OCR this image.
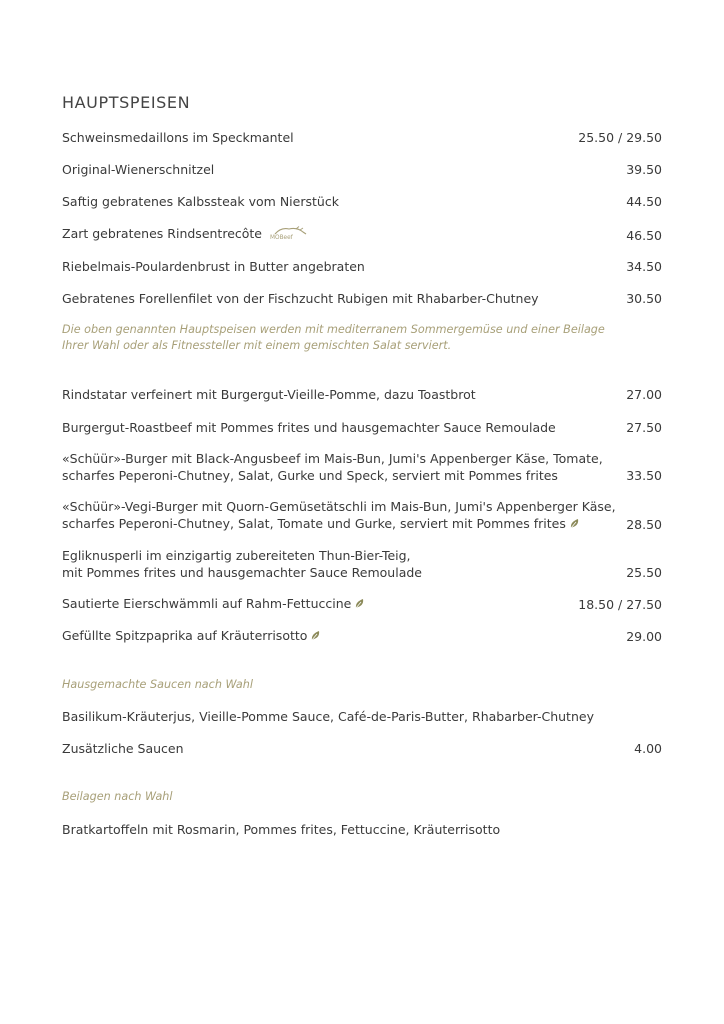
HAUPTSPEISEN
Schweinsmedaillons im Speckmantel	25.50 / 29.50
Original-Wienerschnitzel	39.50
Saftig gebratenes Kalbssteak vom Nierstück	44.50
Zart gebratenes Rindsentrecôte MOBeef	46.50
Riebelmais-Poulardenbrust in Butter angebraten	34.50
Gebratenes Forellenfilet von der Fischzucht Rubigen mit Rhabarber-Chutney	30.50
Die oben genannten Hauptspeisen werden mit mediterranem Sommergemüse und einer Beilage
Ihrer Wahl oder als Fitnessteller mit einem gemischten Salat serviert.
Rindstatar verfeinert mit Burgergut-Vieille-Pomme, dazu Toastbrot	27.00
Burgergut-Roastbeef mit Pommes frites und hausgemachter Sauce Remoulade	27.50
«Schüür»-Burger mit Black-Angusbeef im Mais-Bun, Jumi's Appenberger Käse, Tomate,
scharfes Peperoni-Chutney, Salat, Gurke und Speck, serviert mit Pommes frites	33.50
«Schüür»-Vegi-Burger mit Quorn-Gemüsetätschli im Mais-Bun, Jumi's Appenberger Käse,
scharfes Peperoni-Chutney, Salat, Tomate und Gurke, serviert mit Pommes frites	28.50
Egliknusperli im einzigartig zubereiteten Thun-Bier-Teig,
mit Pommes frites und hausgemachter Sauce Remoulade	25.50
Sautierte Eierschwämmli auf Rahm-Fettuccine	18.50 / 27.50
Gefüllte Spitzpaprika auf Kräuterrisotto	29.00
Hausgemachte Saucen nach Wahl
Basilikum-Kräuterjus, Vieille-Pomme Sauce, Café-de-Paris-Butter, Rhabarber-Chutney
Zusätzliche Saucen	4.00
Beilagen nach Wahl
Bratkartoffeln mit Rosmarin, Pommes frites, Fettuccine, Kräuterrisotto
